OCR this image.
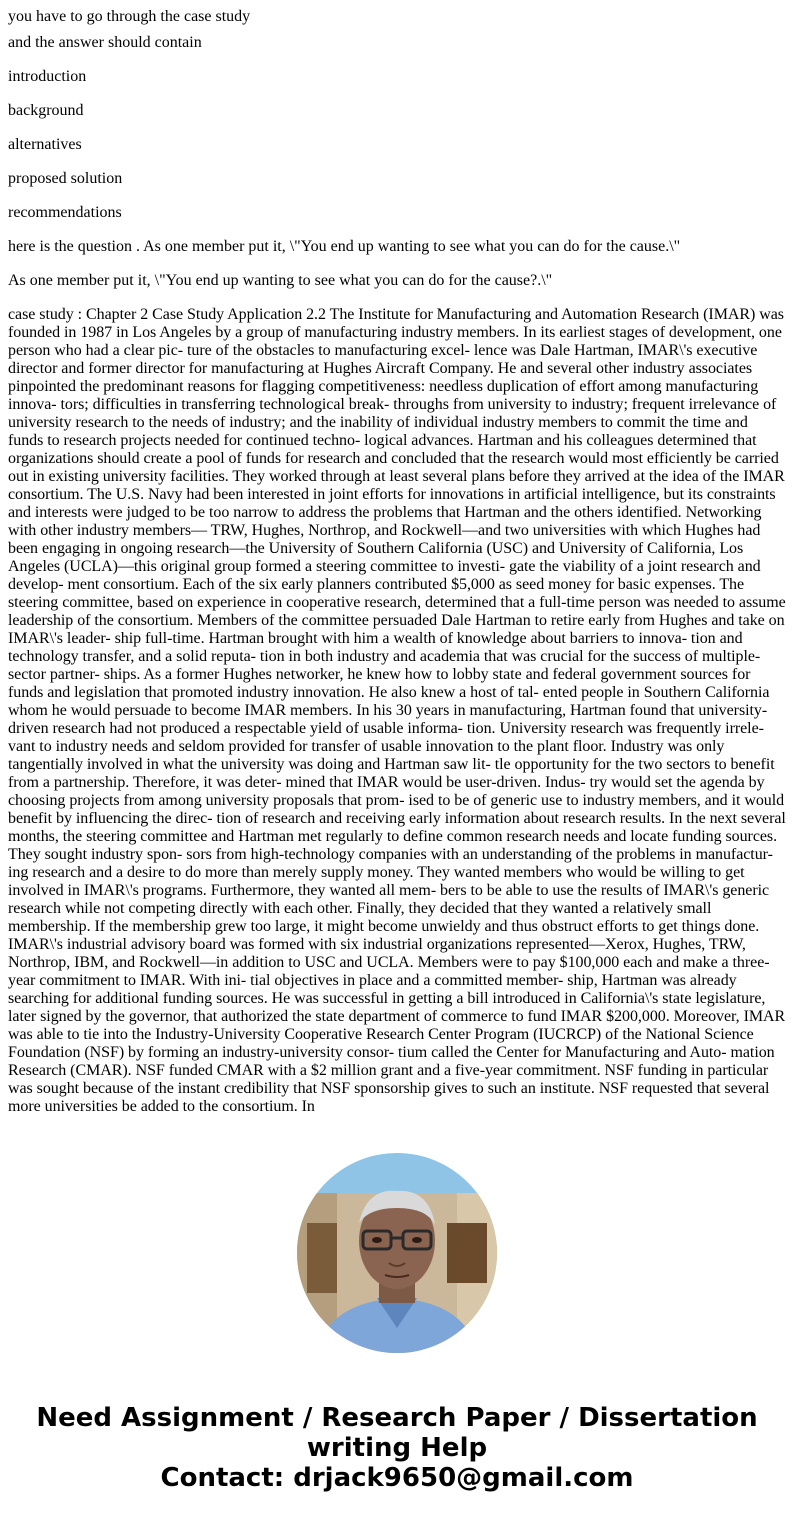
you have to go through the case study

and the answer should contain

introduction

background

alternatives

proposed solution

recommendations

here is the question . As one member put it, \"You end up wanting to see what you can do for the cause.\"

As one member put it, \"You end up wanting to see what you can do for the cause?.\"

case study : Chapter 2 Case Study Application 2.2 The Institute for Manufacturing and Automation Research (IMAR) was founded in 1987 in Los Angeles by a group of manufacturing industry members. In its earliest stages of development, one person who had a clear pic- ture of the obstacles to manufacturing excel- lence was Dale Hartman, IMAR\'s executive director and former director for manufacturing at Hughes Aircraft Company. He and several other industry associates pinpointed the predominant reasons for flagging competitiveness: needless duplication of effort among manufacturing innova- tors; difficulties in transferring technological break- throughs from university to industry; frequent irrelevance of university research to the needs of industry; and the inability of individual industry members to commit the time and funds to research projects needed for continued techno- logical advances. Hartman and his colleagues determined that organizations should create a pool of funds for research and concluded that the research would most efficiently be carried out in existing university facilities. They worked through at least several plans before they arrived at the idea of the IMAR consortium. The U.S. Navy had been interested in joint efforts for innovations in artificial intelligence, but its constraints and interests were judged to be too narrow to address the problems that Hartman and the others identified. Networking with other industry members— TRW, Hughes, Northrop, and Rockwell—and two universities with which Hughes had been engaging in ongoing research—the University of Southern California (USC) and University of California, Los Angeles (UCLA)—this original group formed a steering committee to investi- gate the viability of a joint research and develop- ment consortium. Each of the six early planners contributed $5,000 as seed money for basic expenses. The steering committee, based on experience in cooperative research, determined that a full-time person was needed to assume leadership of the consortium. Members of the committee persuaded Dale Hartman to retire early from Hughes and take on IMAR\'s leader- ship full-time. Hartman brought with him a wealth of knowledge about barriers to innova- tion and technology transfer, and a solid reputa- tion in both industry and academia that was crucial for the success of multiple-sector partner- ships. As a former Hughes networker, he knew how to lobby state and federal government sources for funds and legislation that promoted industry innovation. He also knew a host of tal- ented people in Southern California whom he would persuade to become IMAR members. In his 30 years in manufacturing, Hartman found that university-driven research had not produced a respectable yield of usable informa- tion. University research was frequently irrele- vant to industry needs and seldom provided for transfer of usable innovation to the plant floor. Industry was only tangentially involved in what the university was doing and Hartman saw lit- tle opportunity for the two sectors to benefit from a partnership. Therefore, it was deter- mined that IMAR would be user-driven. Indus- try would set the agenda by choosing projects from among university proposals that prom- ised to be of generic use to industry members, and it would benefit by influencing the direc- tion of research and receiving early information about research results. In the next several months, the steering committee and Hartman met regularly to define common research needs and locate funding sources. They sought industry spon- sors from high-technology companies with an understanding of the problems in manufactur- ing research and a desire to do more than merely supply money. They wanted members who would be willing to get involved in IMAR\'s programs. Furthermore, they wanted all mem- bers to be able to use the results of IMAR\'s generic research while not competing directly with each other. Finally, they decided that they wanted a relatively small membership. If the membership grew too large, it might become unwieldy and thus obstruct efforts to get things done. IMAR\'s industrial advisory board was formed with six industrial organizations represented—Xerox, Hughes, TRW, Northrop, IBM, and Rockwell—in addition to USC and UCLA. Members were to pay $100,000 each and make a three-year commitment to IMAR. With ini- tial objectives in place and a committed member- ship, Hartman was already searching for additional funding sources. He was successful in getting a bill introduced in California\'s state legislature, later signed by the governor, that authorized the state department of commerce to fund IMAR $200,000. Moreover, IMAR was able to tie into the Industry-University Cooperative Research Center Program (IUCRCP) of the National Science Foundation (NSF) by forming an industry-university consor- tium called the Center for Manufacturing and Auto- mation Research (CMAR). NSF funded CMAR with a $2 million grant and a five-year commitment. NSF funding in particular was sought because of the instant credibility that NSF sponsorship gives to such an institute. NSF requested that several more universities be added to the consortium. In
Need Assignment / Research Paper / Dissertation
writing Help
Contact: drjack9650@gmail.com
